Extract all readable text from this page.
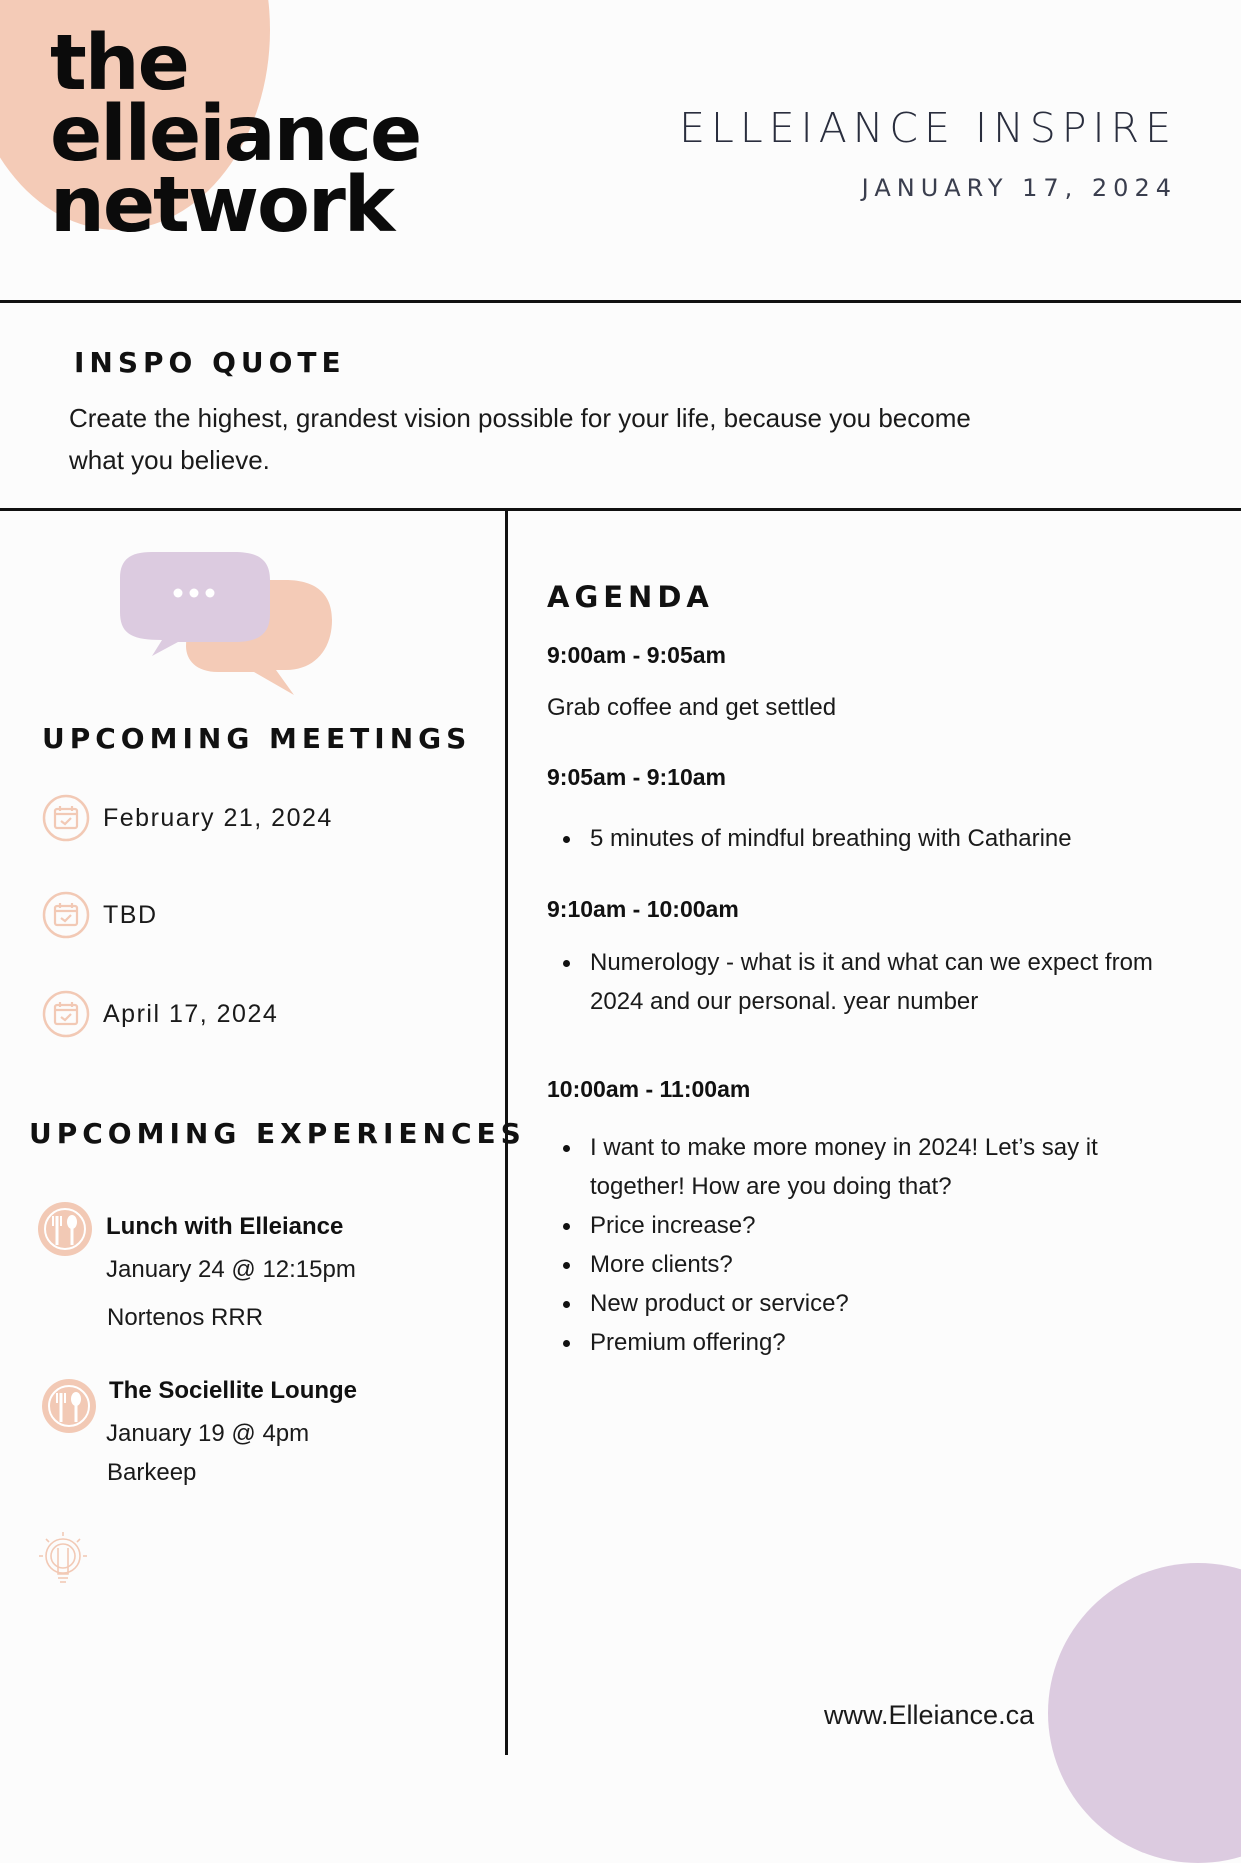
the
elleiance
network
ELLEIANCE INSPIRE
JANUARY 17, 2024
INSPO QUOTE
Create the highest, grandest vision possible for your life, because you become what you believe.
UPCOMING MEETINGS
February 21, 2024
TBD
April 17, 2024
UPCOMING EXPERIENCES
Lunch with Elleiance
January 24 @ 12:15pm
Nortenos RRR
The Sociellite Lounge
January 19 @ 4pm
Barkeep
AGENDA
9:00am - 9:05am
Grab coffee and get settled
9:05am - 9:10am
5 minutes of mindful breathing with Catharine
9:10am - 10:00am
Numerology - what is it and what can we expect from 2024 and our personal. year number
10:00am - 11:00am
I want to make more money in 2024! Let’s say it together! How are you doing that?
Price increase?
More clients?
New product or service?
Premium offering?
www.Elleiance.ca
